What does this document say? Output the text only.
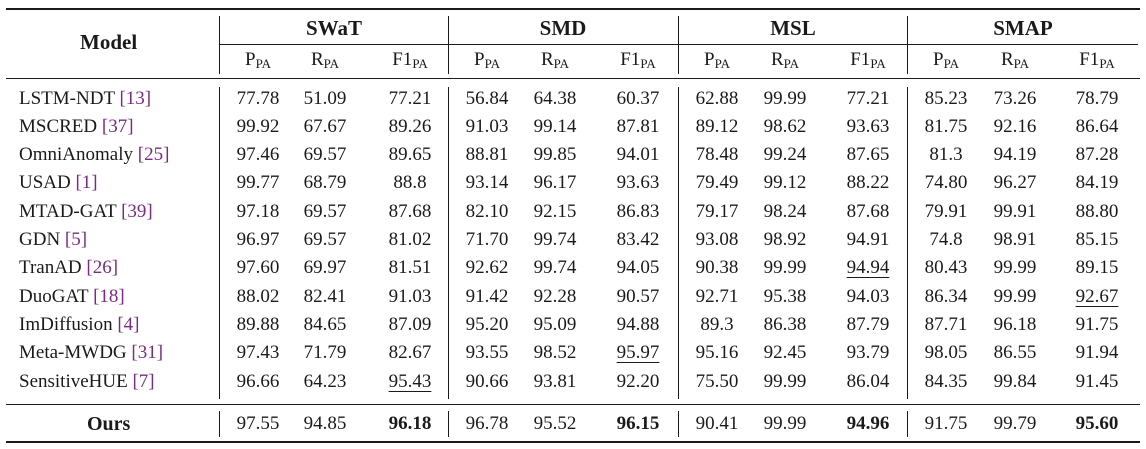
Model
SWaT	SMD	MSL	SMAP
$P_{PA}$	$R_{PA}$	$F1_{PA}$	$P_{PA}$	$R_{PA}$	$F1_{PA}$	$P_{PA}$	$R_{PA}$	$F1_{PA}$	$P_{PA}$	$R_{PA}$	$F1_{PA}$
LSTM-NDT [13]	77.78	51.09	77.21	56.84	64.38	60.37	62.88	99.99	77.21	85.23	73.26	78.79
MSCRED [37]	99.92	67.67	89.26	91.03	99.14	87.81	89.12	98.62	93.63	81.75	92.16	86.64
OmniAnomaly [25]	97.46	69.57	89.65	88.81	99.85	94.01	78.48	99.24	87.65	81.3	94.19	87.28
USAD [1]	99.77	68.79	88.8	93.14	96.17	93.63	79.49	99.12	88.22	74.80	96.27	84.19
MTAD-GAT [39]	97.18	69.57	87.68	82.10	92.15	86.83	79.17	98.24	87.68	79.91	99.91	88.80
GDN [5]	96.97	69.57	81.02	71.70	99.74	83.42	93.08	98.92	94.91	74.8	98.91	85.15
TranAD [26]	97.60	69.97	81.51	92.62	99.74	94.05	90.38	99.99	94.94	80.43	99.99	89.15
DuoGAT [18]	88.02	82.41	91.03	91.42	92.28	90.57	92.71	95.38	94.03	86.34	99.99	92.67
ImDiffusion [4]	89.88	84.65	87.09	95.20	95.09	94.88	89.3	86.38	87.79	87.71	96.18	91.75
Meta-MWDG [31]	97.43	71.79	82.67	93.55	98.52	95.97	95.16	92.45	93.79	98.05	86.55	91.94
SensitiveHUE [7]	96.66	64.23	95.43	90.66	93.81	92.20	75.50	99.99	86.04	84.35	99.84	91.45
Ours	97.55	94.85	96.18	96.78	95.52	96.15	90.41	99.99	94.96	91.75	99.79	95.60
